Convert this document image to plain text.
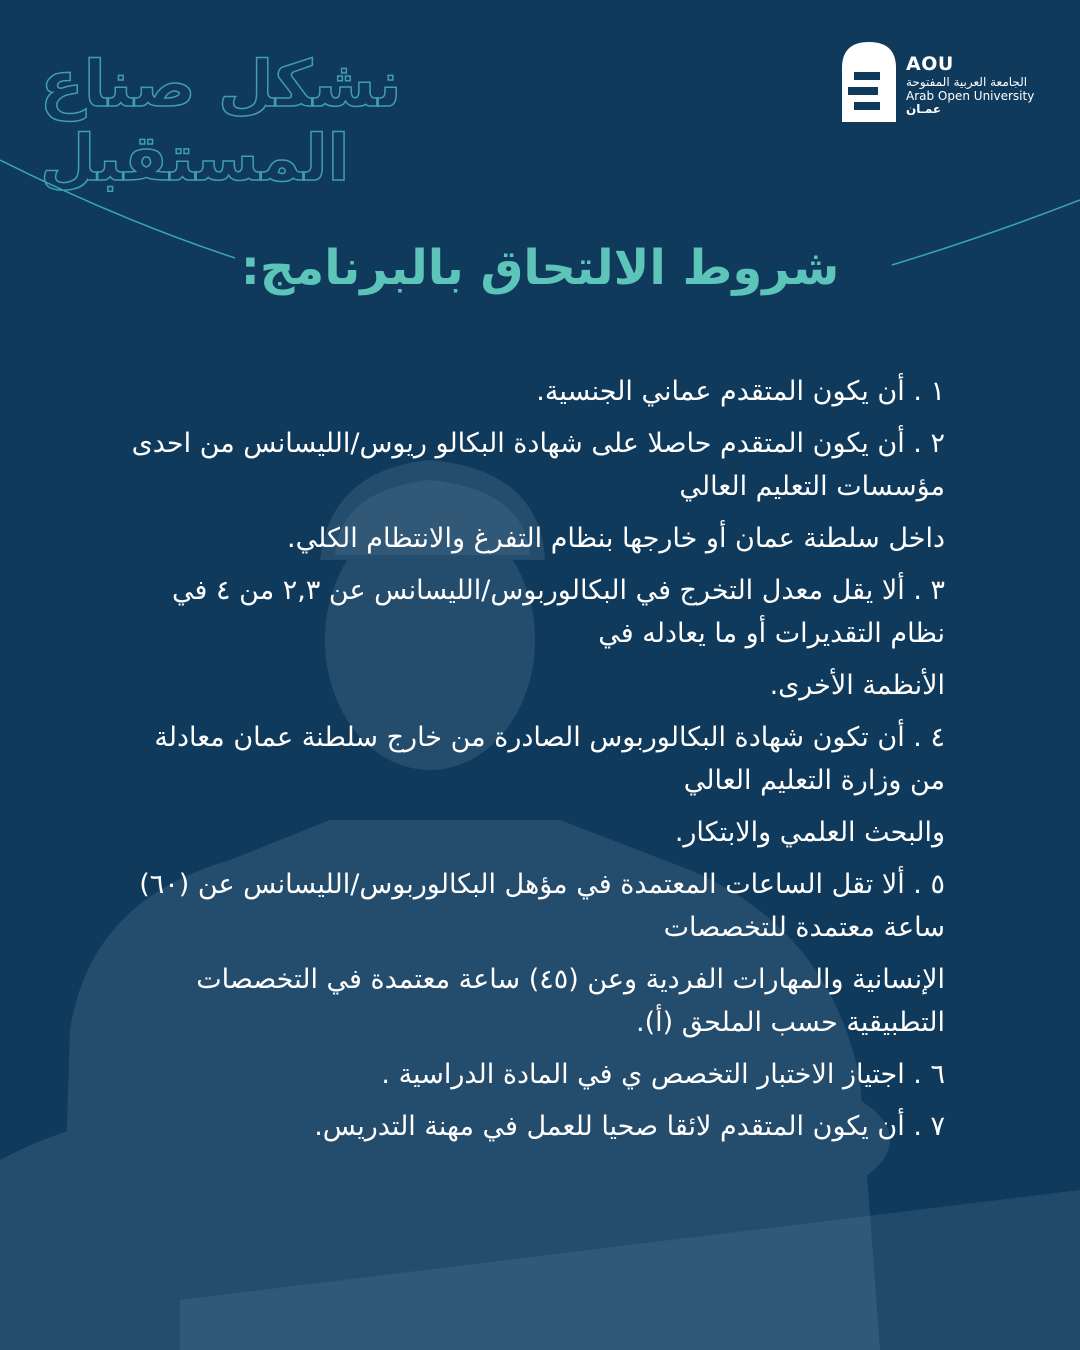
نشكل صناع المستقبل
AOU
الجامعة العربية المفتوحة
Arab Open University
عمـان
شروط الالتحاق بالبرنامج:

١ . أن يكون المتقدم عماني الجنسية.

٢ . أن يكون المتقدم حاصلا على شهادة البكالو ريوس/الليسانس من احدى مؤسسات التعليم العالي

داخل سلطنة عمان أو خارجها بنظام التفرغ والانتظام الكلي.

٣ . ألا يقل معدل التخرج في البكالوربوس/الليسانس عن ٢,٣ من ٤ في نظام التقديرات أو ما يعادله في

الأنظمة الأخرى.

٤ . أن تكون شهادة البكالوربوس الصادرة من خارج سلطنة عمان معادلة من وزارة التعليم العالي

والبحث العلمي والابتكار.

٥ . ألا تقل الساعات المعتمدة في مؤهل البكالوربوس/الليسانس عن (٦٠) ساعة معتمدة للتخصصات

الإنسانية والمهارات الفردية وعن (٤٥) ساعة معتمدة في التخصصات التطبيقية حسب الملحق (أ).

٦ . اجتياز الاختبار التخصص ي في المادة الدراسية .

٧ . أن يكون المتقدم لائقا صحيا للعمل في مهنة التدريس.
